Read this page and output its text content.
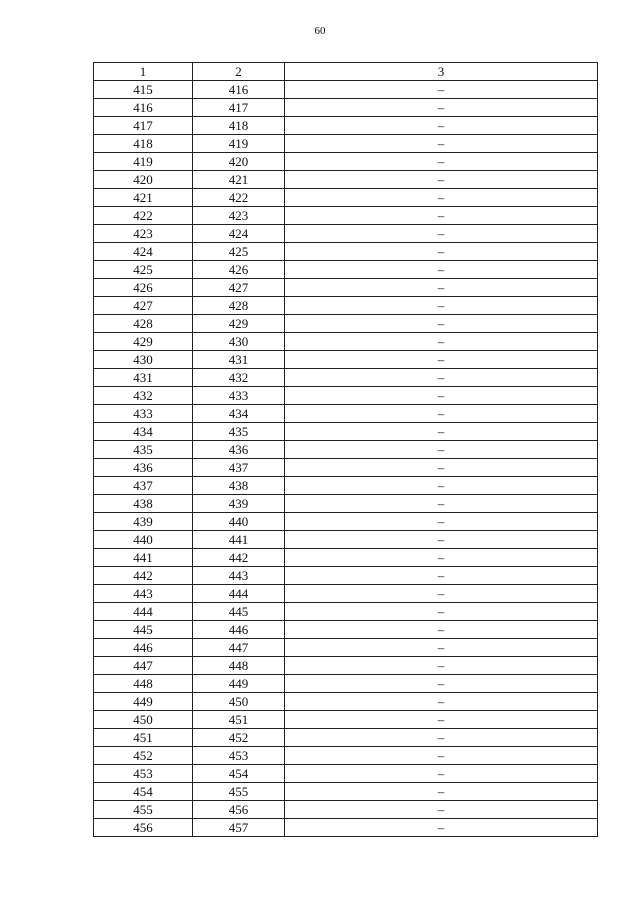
60
1	2	3
415	416	–
416	417	–
417	418	–
418	419	–
419	420	–
420	421	–
421	422	–
422	423	–
423	424	–
424	425	–
425	426	–
426	427	–
427	428	–
428	429	–
429	430	–
430	431	–
431	432	–
432	433	–
433	434	–
434	435	–
435	436	–
436	437	–
437	438	–
438	439	–
439	440	–
440	441	–
441	442	–
442	443	–
443	444	–
444	445	–
445	446	–
446	447	–
447	448	–
448	449	–
449	450	–
450	451	–
451	452	–
452	453	–
453	454	–
454	455	–
455	456	–
456	457	–
